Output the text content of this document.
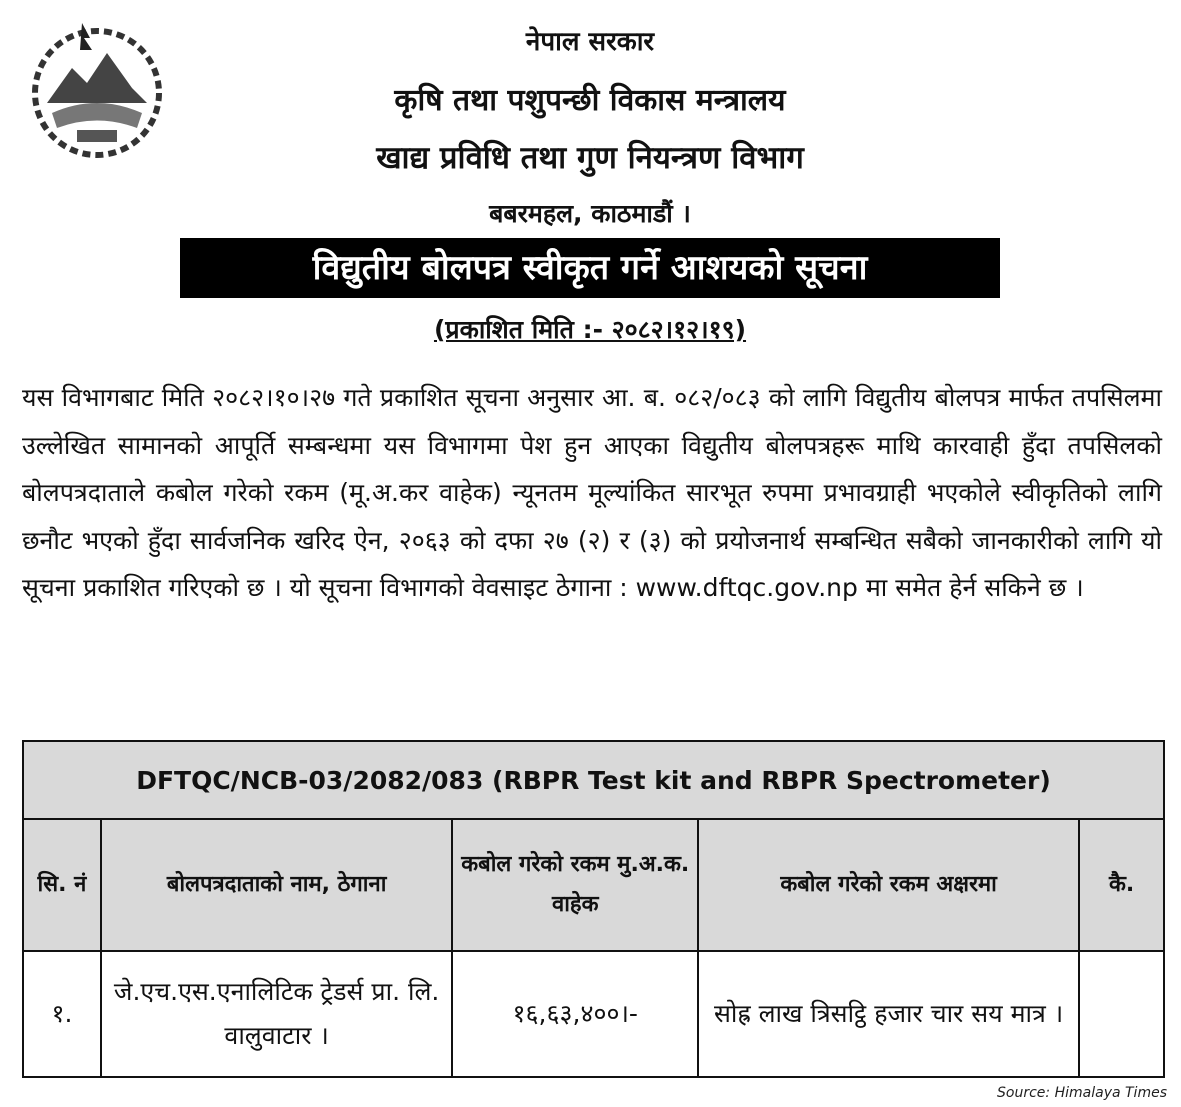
नेपाल सरकार
कृषि तथा पशुपन्छी विकास मन्त्रालय
खाद्य प्रविधि तथा गुण नियन्त्रण विभाग
बबरमहल, काठमाडौं ।
विद्युतीय बोलपत्र स्वीकृत गर्ने आशयको सूचना
(प्रकाशित मिति :- २०८२।१२।१९)
यस विभागबाट मिति २०८२।१०।२७ गते प्रकाशित सूचना अनुसार आ. ब. ०८२/०८३ को लागि विद्युतीय बोलपत्र मार्फत तपसिलमा उल्लेखित सामानको आपूर्ति सम्बन्धमा यस विभागमा पेश हुन आएका विद्युतीय बोलपत्रहरू माथि कारवाही हुँदा तपसिलको बोलपत्रदाताले कबोल गरेको रकम (मू.अ.कर वाहेक) न्यूनतम मूल्यांकित सारभूत रुपमा प्रभावग्राही भएकोले स्वीकृतिको लागि छनौट भएको हुँदा सार्वजनिक खरिद ऐन, २०६३ को दफा २७ (२) र (३) को प्रयोजनार्थ सम्बन्धित सबैको जानकारीको लागि यो सूचना प्रकाशित गरिएको छ । यो सूचना विभागको वेवसाइट ठेगाना : www.dftqc.gov.np मा समेत हेर्न सकिने छ ।
DFTQC/NCB-03/2082/083 (RBPR Test kit and RBPR Spectrometer)				
सि. नं	बोलपत्रदाताको नाम, ठेगाना	कबोल गरेको रकम मु.अ.क. वाहेक	कबोल गरेको रकम अक्षरमा	कै.
१.	जे.एच.एस.एनालिटिक ट्रेडर्स प्रा. लि. वालुवाटार ।	१६,६३,४००।-	सोह्र लाख त्रिसट्ठि हजार चार सय मात्र ।	
Source: Himalaya Times
